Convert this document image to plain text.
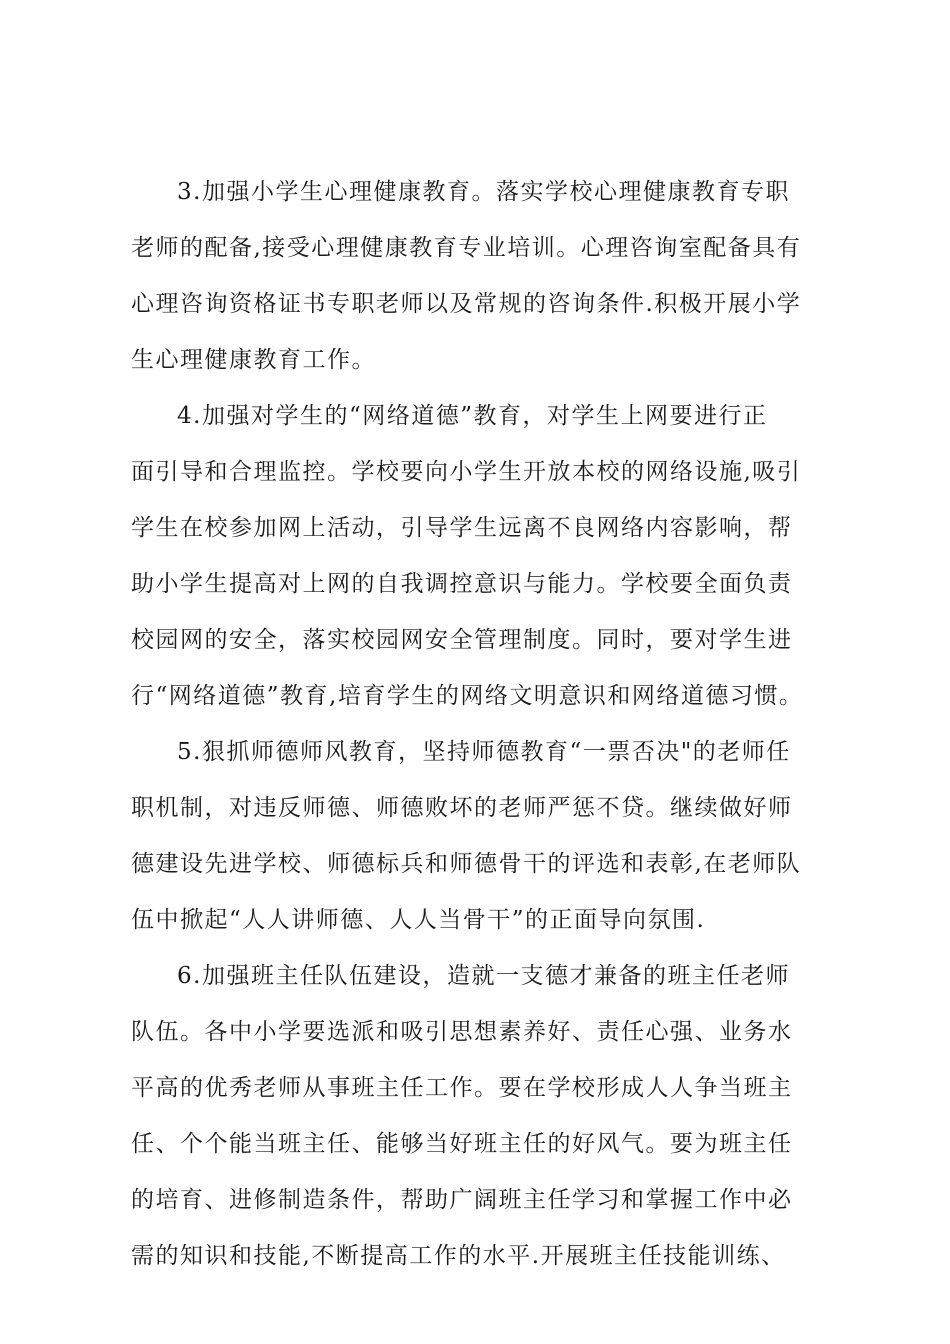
3.加强小学生心理健康教育。落实学校心理健康教育专职
老师的配备,接受心理健康教育专业培训。心理咨询室配备具有
心理咨询资格证书专职老师以及常规的咨询条件.积极开展小学
生心理健康教育工作。
4.加强对学生的“网络道德”教育，对学生上网要进行正
面引导和合理监控。学校要向小学生开放本校的网络设施,吸引
学生在校参加网上活动，引导学生远离不良网络内容影响，帮
助小学生提高对上网的自我调控意识与能力。学校要全面负责
校园网的安全，落实校园网安全管理制度。同时，要对学生进
行“网络道德”教育,培育学生的网络文明意识和网络道德习惯。
5.狠抓师德师风教育，坚持师德教育“一票否决"的老师任
职机制，对违反师德、师德败坏的老师严惩不贷。继续做好师
德建设先进学校、师德标兵和师德骨干的评选和表彰,在老师队
伍中掀起“人人讲师德、人人当骨干”的正面导向氛围.
6.加强班主任队伍建设，造就一支德才兼备的班主任老师
队伍。各中小学要选派和吸引思想素养好、责任心强、业务水
平高的优秀老师从事班主任工作。要在学校形成人人争当班主
任、个个能当班主任、能够当好班主任的好风气。要为班主任
的培育、进修制造条件，帮助广阔班主任学习和掌握工作中必
需的知识和技能,不断提高工作的水平.开展班主任技能训练、
